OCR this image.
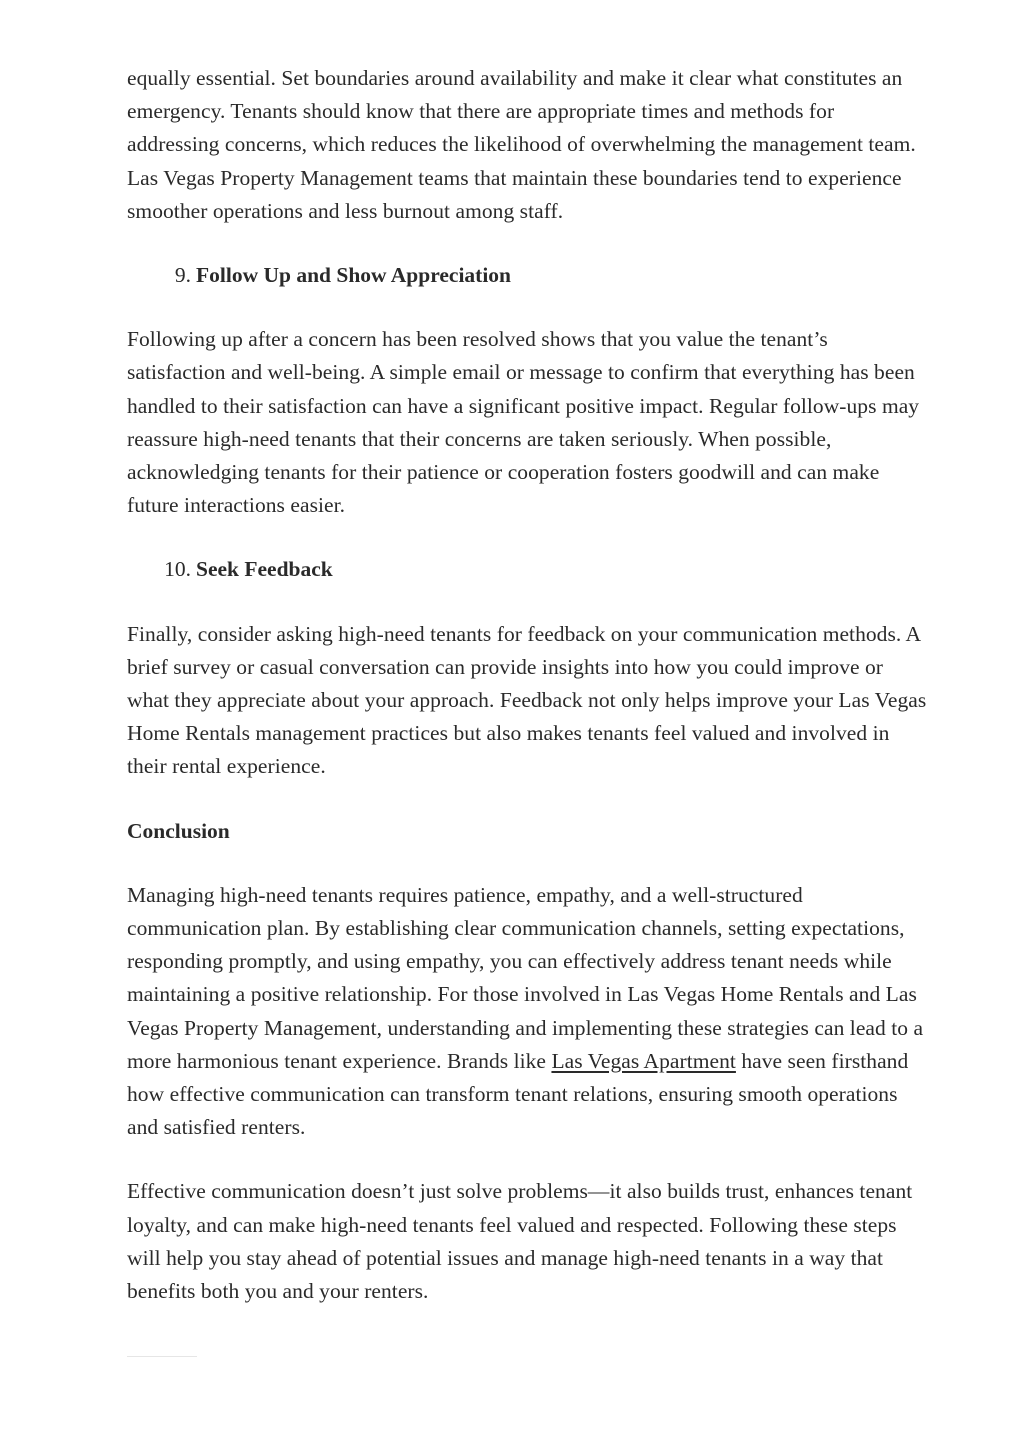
equally essential. Set boundaries around availability and make it clear what constitutes an emergency. Tenants should know that there are appropriate times and methods for addressing concerns, which reduces the likelihood of overwhelming the management team. Las Vegas Property Management teams that maintain these boundaries tend to experience smoother operations and less burnout among staff.

9. Follow Up and Show Appreciation

Following up after a concern has been resolved shows that you value the tenant’s satisfaction and well-being. A simple email or message to confirm that everything has been handled to their satisfaction can have a significant positive impact. Regular follow-ups may reassure high-need tenants that their concerns are taken seriously. When possible, acknowledging tenants for their patience or cooperation fosters goodwill and can make future interactions easier.

10. Seek Feedback

Finally, consider asking high-need tenants for feedback on your communication methods. A brief survey or casual conversation can provide insights into how you could improve or what they appreciate about your approach. Feedback not only helps improve your Las Vegas Home Rentals management practices but also makes tenants feel valued and involved in their rental experience.

Conclusion

Managing high-need tenants requires patience, empathy, and a well-structured communication plan. By establishing clear communication channels, setting expectations, responding promptly, and using empathy, you can effectively address tenant needs while maintaining a positive relationship. For those involved in Las Vegas Home Rentals and Las Vegas Property Management, understanding and implementing these strategies can lead to a more harmonious tenant experience. Brands like Las Vegas Apartment have seen firsthand how effective communication can transform tenant relations, ensuring smooth operations and satisfied renters.

Effective communication doesn’t just solve problems—it also builds trust, enhances tenant loyalty, and can make high-need tenants feel valued and respected. Following these steps will help you stay ahead of potential issues and manage high-need tenants in a way that benefits both you and your renters.
